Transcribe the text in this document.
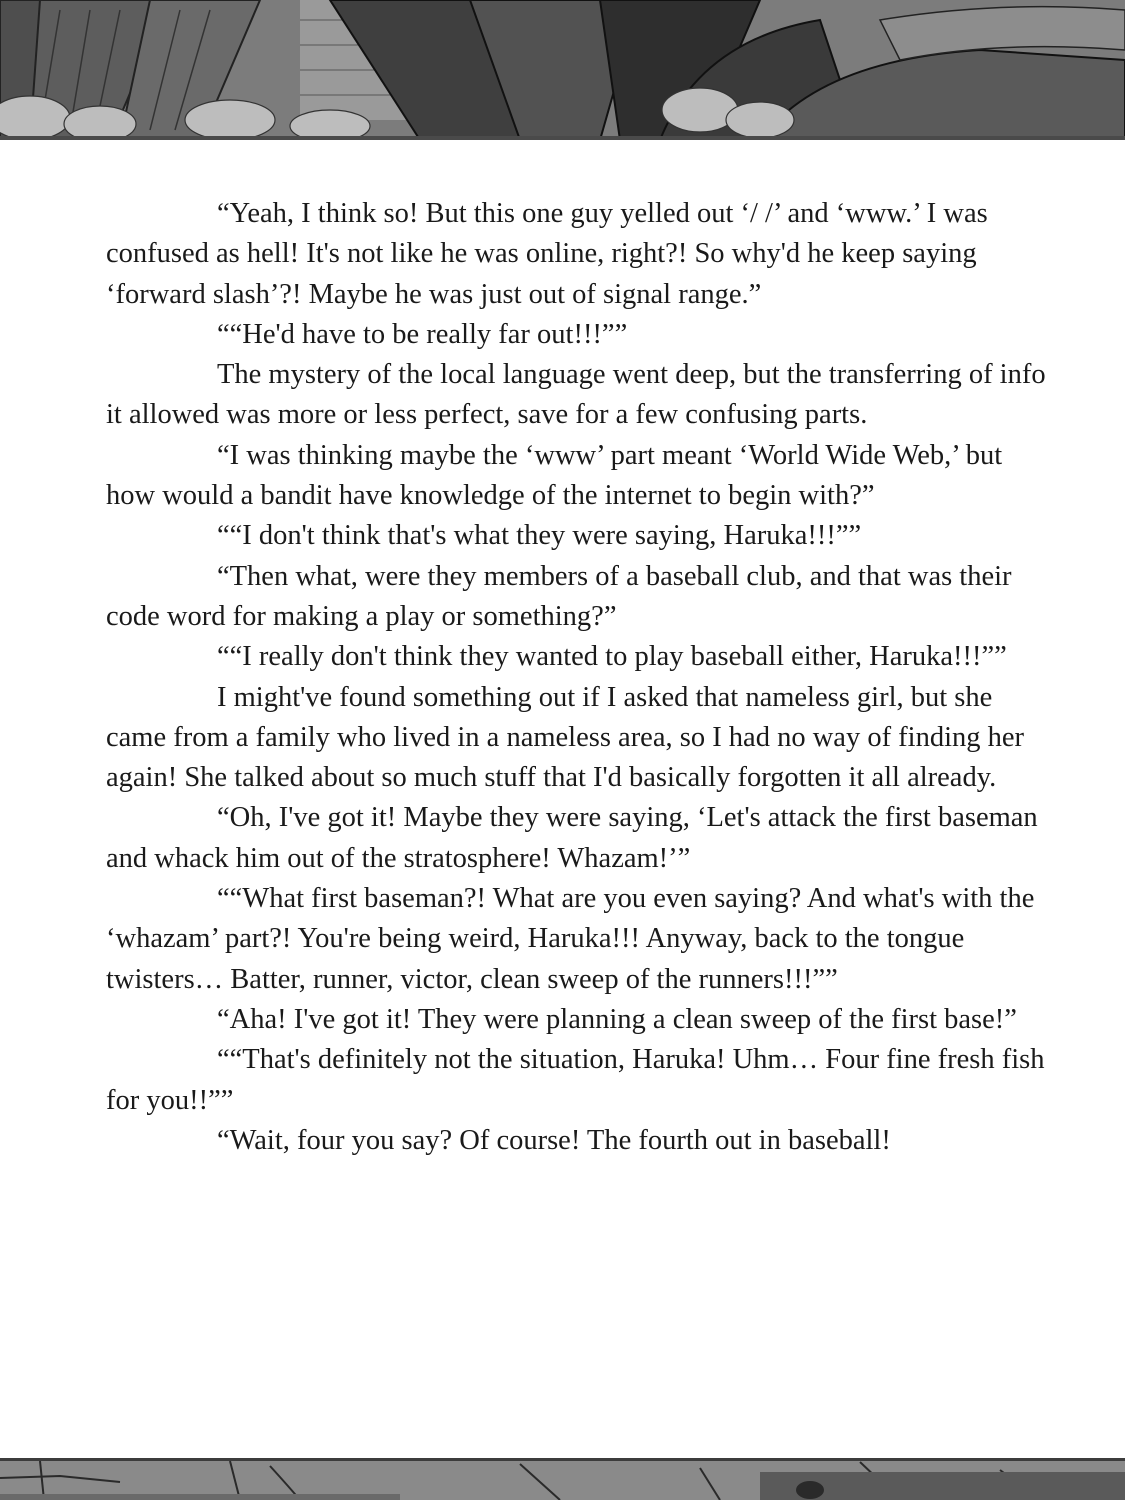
“Yeah, I think so! But this one guy yelled out ‘/ /’ and ‘www.’ I was confused as hell! It's not like he was online, right?! So why'd he keep saying ‘forward slash’?! Maybe he was just out of signal range.”

““He'd have to be really far out!!!””

The mystery of the local language went deep, but the transferring of info it allowed was more or less perfect, save for a few confusing parts.

“I was thinking maybe the ‘www’ part meant ‘World Wide Web,’ but how would a bandit have knowledge of the internet to begin with?”

““I don't think that's what they were saying, Haruka!!!””

“Then what, were they members of a baseball club, and that was their code word for making a play or something?”

““I really don't think they wanted to play baseball either, Haruka!!!””

I might've found something out if I asked that nameless girl, but she came from a family who lived in a nameless area, so I had no way of finding her again! She talked about so much stuff that I'd basically forgotten it all already.

“Oh, I've got it! Maybe they were saying, ‘Let's attack the first baseman and whack him out of the stratosphere! Whazam!’”

““What first baseman?! What are you even saying? And what's with the ‘whazam’ part?! You're being weird, Haruka!!! Anyway, back to the tongue twisters… Batter, runner, victor, clean sweep of the runners!!!””

“Aha! I've got it! They were planning a clean sweep of the first base!”

““That's definitely not the situation, Haruka! Uhm… Four fine fresh fish for you!!””

“Wait, four you say? Of course! The fourth out in baseball!
